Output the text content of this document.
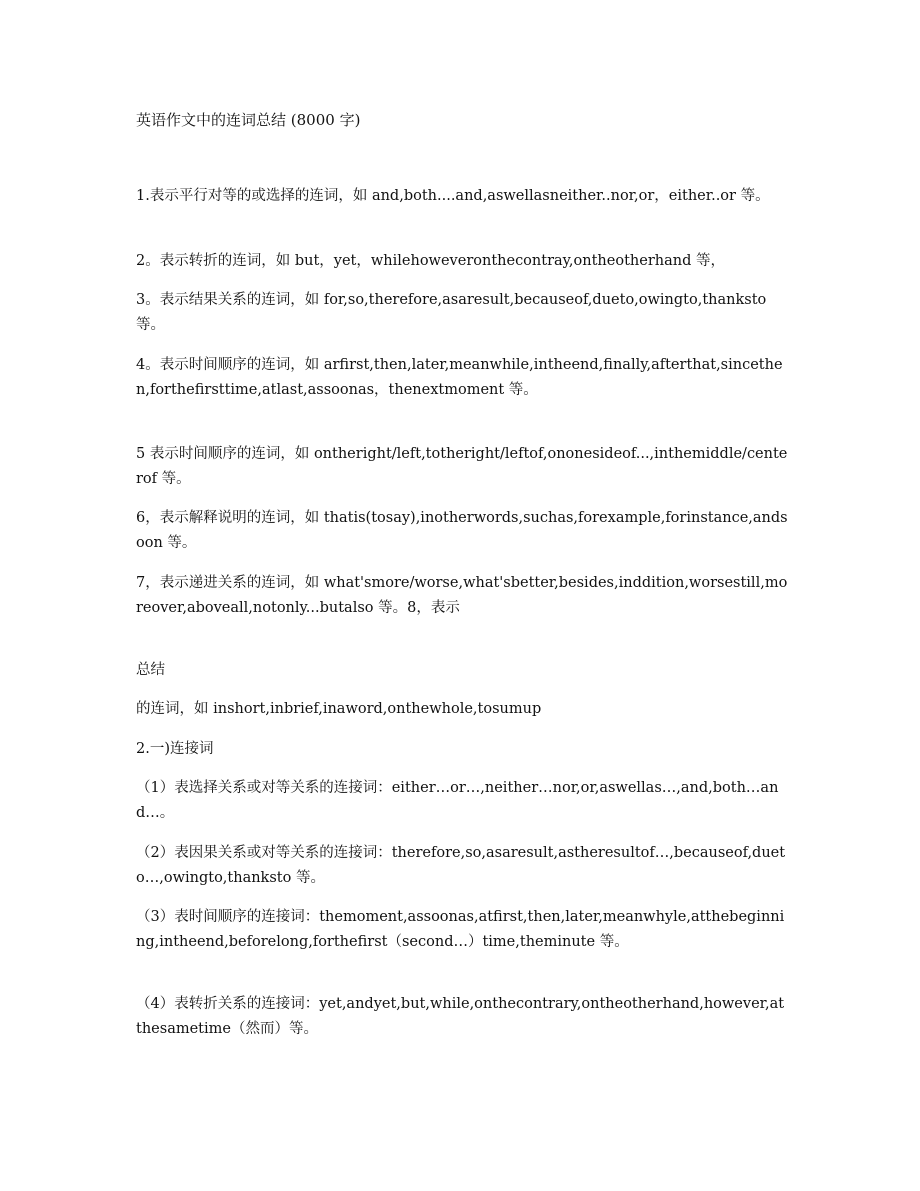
英语作文中的连词总结 (8000 字)
1.表示平行对等的或选择的连词，如 and,both....and,aswellasneither..nor,or，either..or 等。
2。表示转折的连词，如 but，yet，whilehoweveronthecontray,ontheotherhand 等，
3。表示结果关系的连词，如 for,so,therefore,asaresult,becauseof,dueto,owingto,thanksto 等。
4。表示时间顺序的连词，如 arfirst,then,later,meanwhile,intheend,finally,afterthat,sincethen,forthefirsttime,atlast,assoonas，thenextmoment 等。
5 表示时间顺序的连词，如 ontheright/left,totheright/leftof,ononesideof...,inthemiddle/centerof 等。
6，表示解释说明的连词，如 thatis(tosay),inotherwords,suchas,forexample,forinstance,andsoon 等。
7，表示递进关系的连词，如 what'smore/worse,what'sbetter,besides,inddition,worsestill,moreover,aboveall,notonly...butalso 等。8，表示
总结
的连词，如 inshort,inbrief,inaword,onthewhole,tosumup
2.一)连接词
（1）表选择关系或对等关系的连接词：either…or…,neither…nor,or,aswellas…,and,both…and…。
（2）表因果关系或对等关系的连接词：therefore,so,asaresult,astheresultof…,becauseof,dueto…,owingto,thanksto 等。
（3）表时间顺序的连接词：themoment,assoonas,atfirst,then,later,meanwhyle,atthebeginning,intheend,beforelong,forthefirst（second…）time,theminute 等。
（4）表转折关系的连接词：yet,andyet,but,while,onthecontrary,ontheotherhand,however,atthesametime（然而）等。
